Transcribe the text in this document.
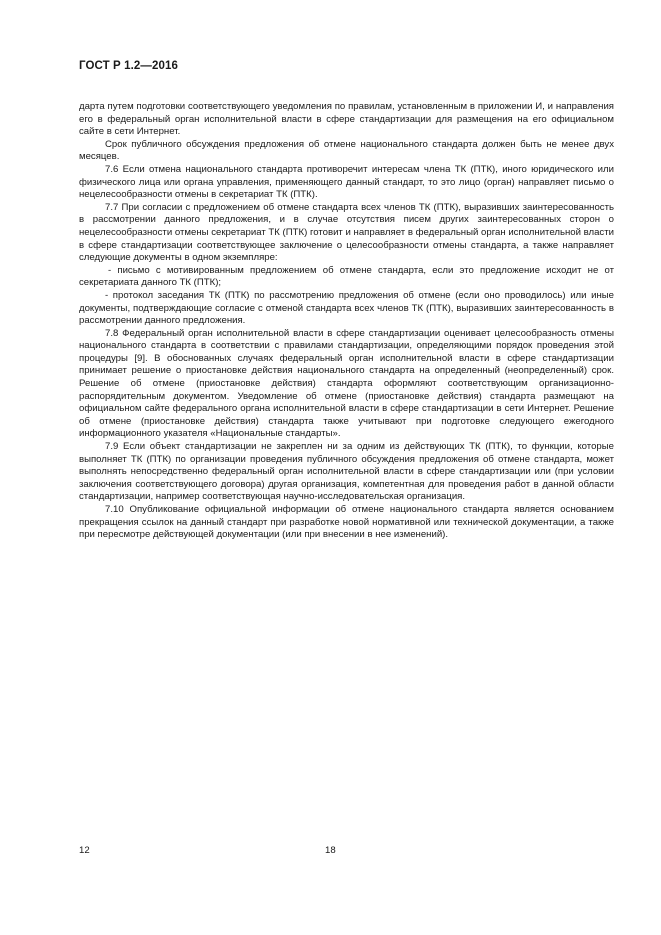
ГОСТ Р 1.2—2016

дарта путем подготовки соответствующего уведомления по правилам, установленным в приложении И, и направления его в федеральный орган исполнительной власти в сфере стандартизации для размещения на его официальном сайте в сети Интернет.

Срок публичного обсуждения предложения об отмене национального стандарта должен быть не менее двух месяцев.

7.6 Если отмена национального стандарта противоречит интересам члена ТК (ПТК), иного юридического или физического лица или органа управления, применяющего данный стандарт, то это лицо (орган) направляет письмо о нецелесообразности отмены в секретариат ТК (ПТК).

7.7 При согласии с предложением об отмене стандарта всех членов ТК (ПТК), выразивших заинтересованность в рассмотрении данного предложения, и в случае отсутствия писем других заинтересованных сторон о нецелесообразности отмены секретариат ТК (ПТК) готовит и направляет в федеральный орган исполнительной власти в сфере стандартизации соответствующее заключение о целесообразности отмены стандарта, а также направляет следующие документы в одном экземпляре:

- письмо с мотивированным предложением об отмене стандарта, если это предложение исходит не от секретариата данного ТК (ПТК);

- протокол заседания ТК (ПТК) по рассмотрению предложения об отмене (если оно проводилось) или иные документы, подтверждающие согласие с отменой стандарта всех членов ТК (ПТК), выразивших заинтересованность в рассмотрении данного предложения.

7.8 Федеральный орган исполнительной власти в сфере стандартизации оценивает целесообразность отмены национального стандарта в соответствии с правилами стандартизации, определяющими порядок проведения этой процедуры [9]. В обоснованных случаях федеральный орган исполнительной власти в сфере стандартизации принимает решение о приостановке действия национального стандарта на определенный (неопределенный) срок. Решение об отмене (приостановке действия) стандарта оформляют соответствующим организационно-распорядительным документом. Уведомление об отмене (приостановке действия) стандарта размещают на официальном сайте федерального органа исполнительной власти в сфере стандартизации в сети Интернет. Решение об отмене (приостановке действия) стандарта также учитывают при подготовке следующего ежегодного информационного указателя «Национальные стандарты».

7.9 Если объект стандартизации не закреплен ни за одним из действующих ТК (ПТК), то функции, которые выполняет ТК (ПТК) по организации проведения публичного обсуждения предложения об отмене стандарта, может выполнять непосредственно федеральный орган исполнительной власти в сфере стандартизации или (при условии заключения соответствующего договора) другая организация, компетентная для проведения работ в данной области стандартизации, например соответствующая научно-исследовательская организация.

7.10 Опубликование официальной информации об отмене национального стандарта является основанием прекращения ссылок на данный стандарт при разработке новой нормативной или технической документации, а также при пересмотре действующей документации (или при внесении в нее изменений).

12	18
